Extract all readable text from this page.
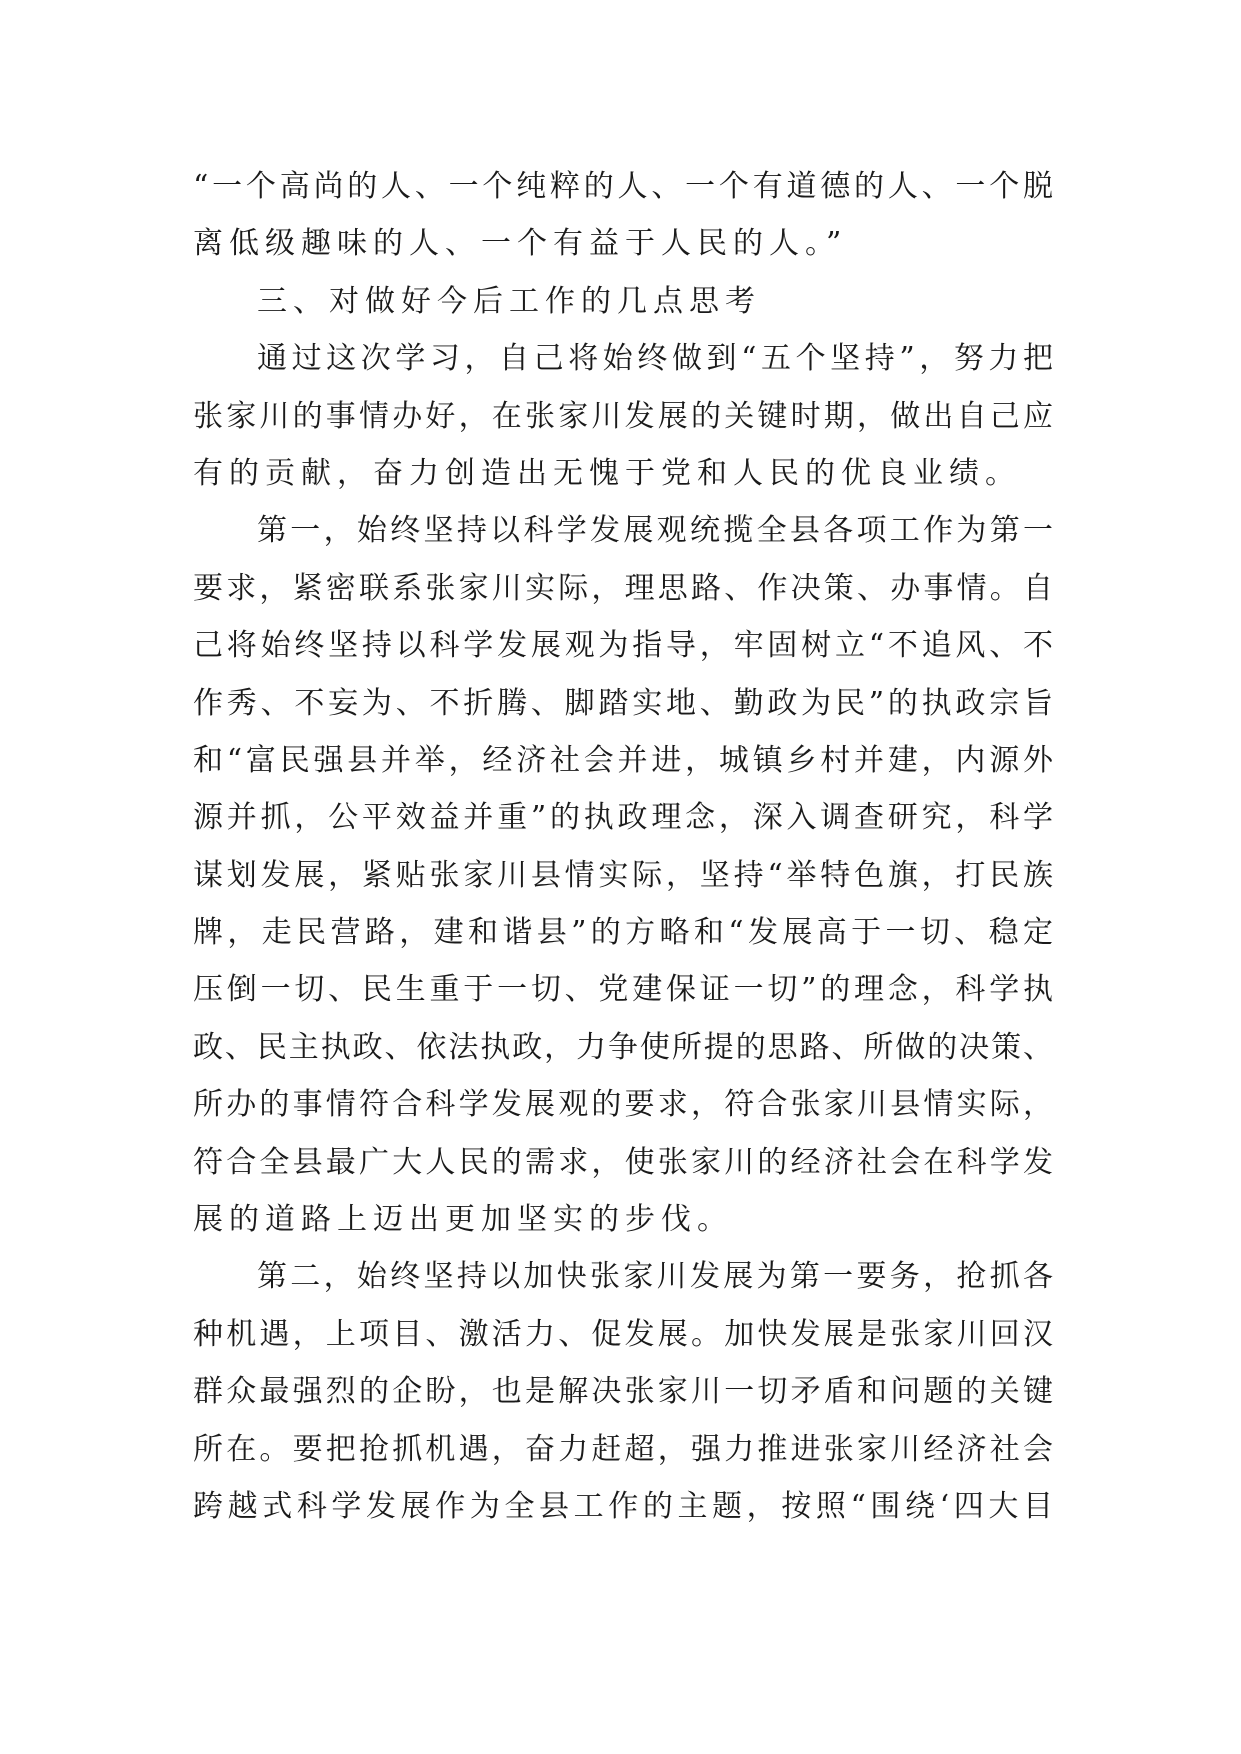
“一个高尚的人、一个纯粹的人、一个有道德的人、一个脱
离低级趣味的人、一个有益于人民的人。”
三、对做好今后工作的几点思考
通过这次学习，自己将始终做到“五个坚持”，努力把
张家川的事情办好，在张家川发展的关键时期，做出自己应
有的贡献，奋力创造出无愧于党和人民的优良业绩。
第一，始终坚持以科学发展观统揽全县各项工作为第一
要求，紧密联系张家川实际，理思路、作决策、办事情。自
己将始终坚持以科学发展观为指导，牢固树立“不追风、不
作秀、不妄为、不折腾、脚踏实地、勤政为民”的执政宗旨
和“富民强县并举，经济社会并进，城镇乡村并建，内源外
源并抓，公平效益并重”的执政理念，深入调查研究，科学
谋划发展，紧贴张家川县情实际，坚持“举特色旗，打民族
牌，走民营路，建和谐县”的方略和“发展高于一切、稳定
压倒一切、民生重于一切、党建保证一切”的理念，科学执
政、民主执政、依法执政，力争使所提的思路、所做的决策、
所办的事情符合科学发展观的要求，符合张家川县情实际，
符合全县最广大人民的需求，使张家川的经济社会在科学发
展的道路上迈出更加坚实的步伐。
第二，始终坚持以加快张家川发展为第一要务，抢抓各
种机遇，上项目、激活力、促发展。加快发展是张家川回汉
群众最强烈的企盼，也是解决张家川一切矛盾和问题的关键
所在。要把抢抓机遇，奋力赶超，强力推进张家川经济社会
跨越式科学发展作为全县工作的主题，按照“围绕‘四大目
